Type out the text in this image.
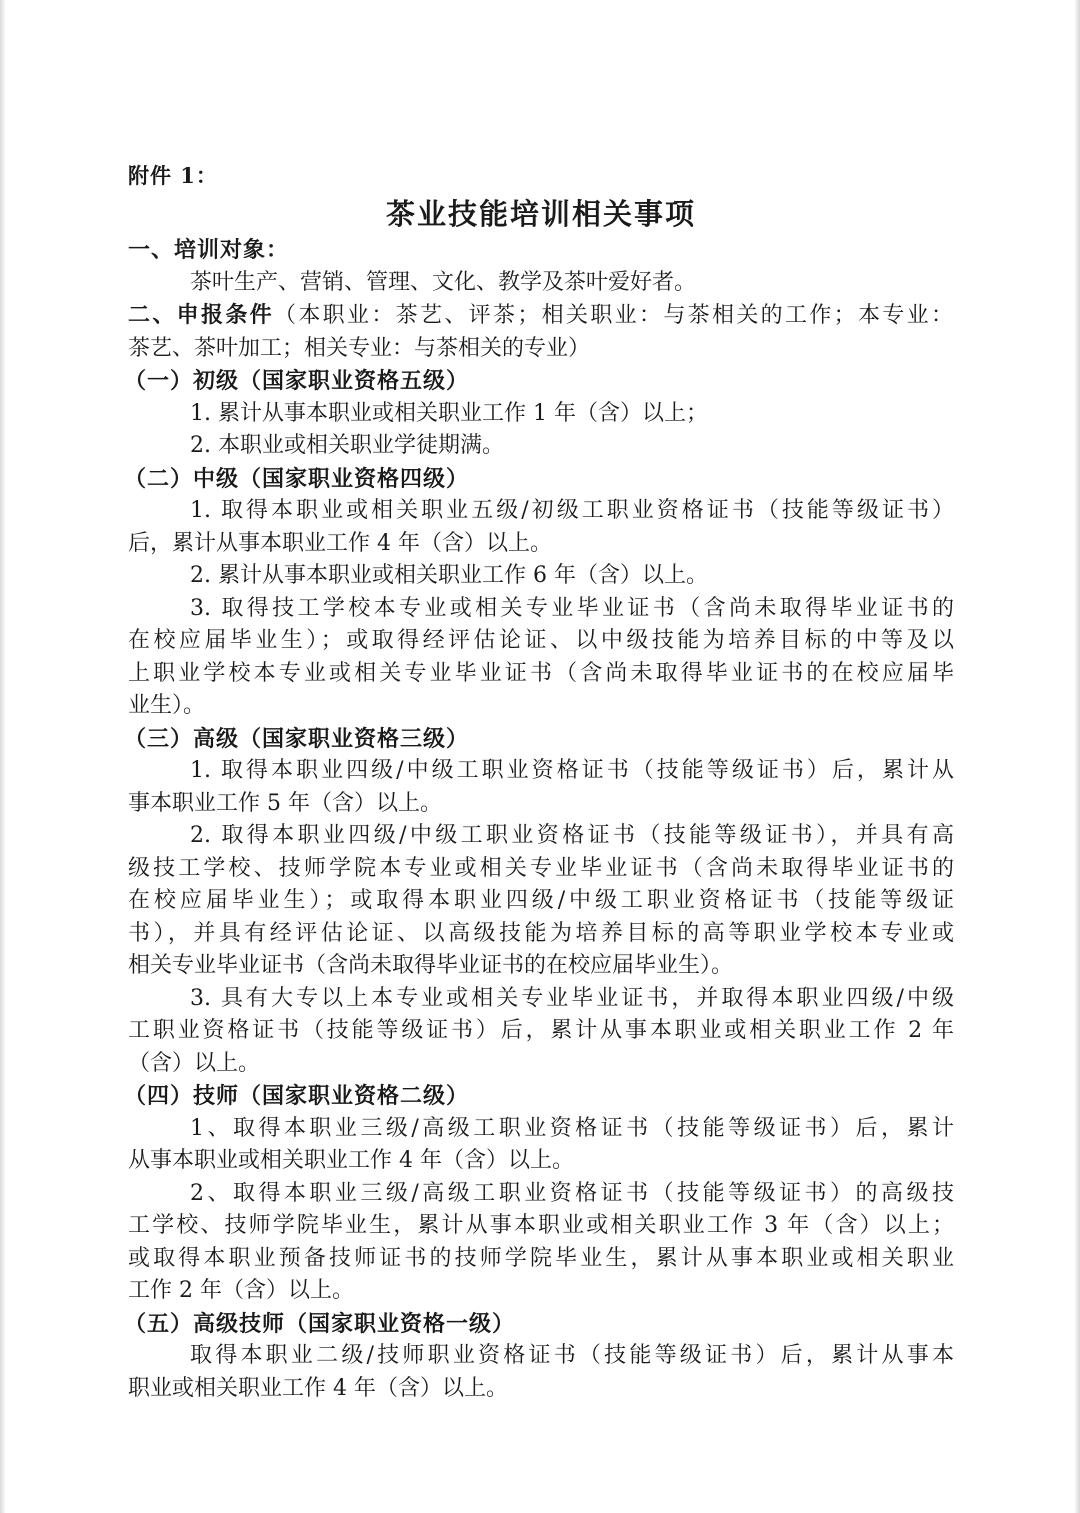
附件 1：
茶业技能培训相关事项
一、培训对象：
茶叶生产、营销、管理、文化、教学及茶叶爱好者。
二、申报条件（本职业：茶艺、评茶；相关职业：与茶相关的工作；本专业：
茶艺、茶叶加工；相关专业：与茶相关的专业）
（一）初级（国家职业资格五级）
1. 累计从事本职业或相关职业工作 1 年（含）以上；
2. 本职业或相关职业学徒期满。
（二）中级（国家职业资格四级）
1. 取得本职业或相关职业五级/初级工职业资格证书（技能等级证书）
后，累计从事本职业工作 4 年（含）以上。
2. 累计从事本职业或相关职业工作 6 年（含）以上。
3. 取得技工学校本专业或相关专业毕业证书（含尚未取得毕业证书的
在校应届毕业生）；或取得经评估论证、以中级技能为培养目标的中等及以
上职业学校本专业或相关专业毕业证书（含尚未取得毕业证书的在校应届毕
业生）。
（三）高级（国家职业资格三级）
1. 取得本职业四级/中级工职业资格证书（技能等级证书）后，累计从
事本职业工作 5 年（含）以上。
2. 取得本职业四级/中级工职业资格证书（技能等级证书），并具有高
级技工学校、技师学院本专业或相关专业毕业证书（含尚未取得毕业证书的
在校应届毕业生）；或取得本职业四级/中级工职业资格证书（技能等级证
书），并具有经评估论证、以高级技能为培养目标的高等职业学校本专业或
相关专业毕业证书（含尚未取得毕业证书的在校应届毕业生）。
3. 具有大专以上本专业或相关专业毕业证书，并取得本职业四级/中级
工职业资格证书（技能等级证书）后，累计从事本职业或相关职业工作 2 年
（含）以上。
（四）技师（国家职业资格二级）
1、取得本职业三级/高级工职业资格证书（技能等级证书）后，累计
从事本职业或相关职业工作 4 年（含）以上。
2、取得本职业三级/高级工职业资格证书（技能等级证书）的高级技
工学校、技师学院毕业生，累计从事本职业或相关职业工作 3 年（含）以上；
或取得本职业预备技师证书的技师学院毕业生，累计从事本职业或相关职业
工作 2 年（含）以上。
（五）高级技师（国家职业资格一级）
取得本职业二级/技师职业资格证书（技能等级证书）后，累计从事本
职业或相关职业工作 4 年（含）以上。
